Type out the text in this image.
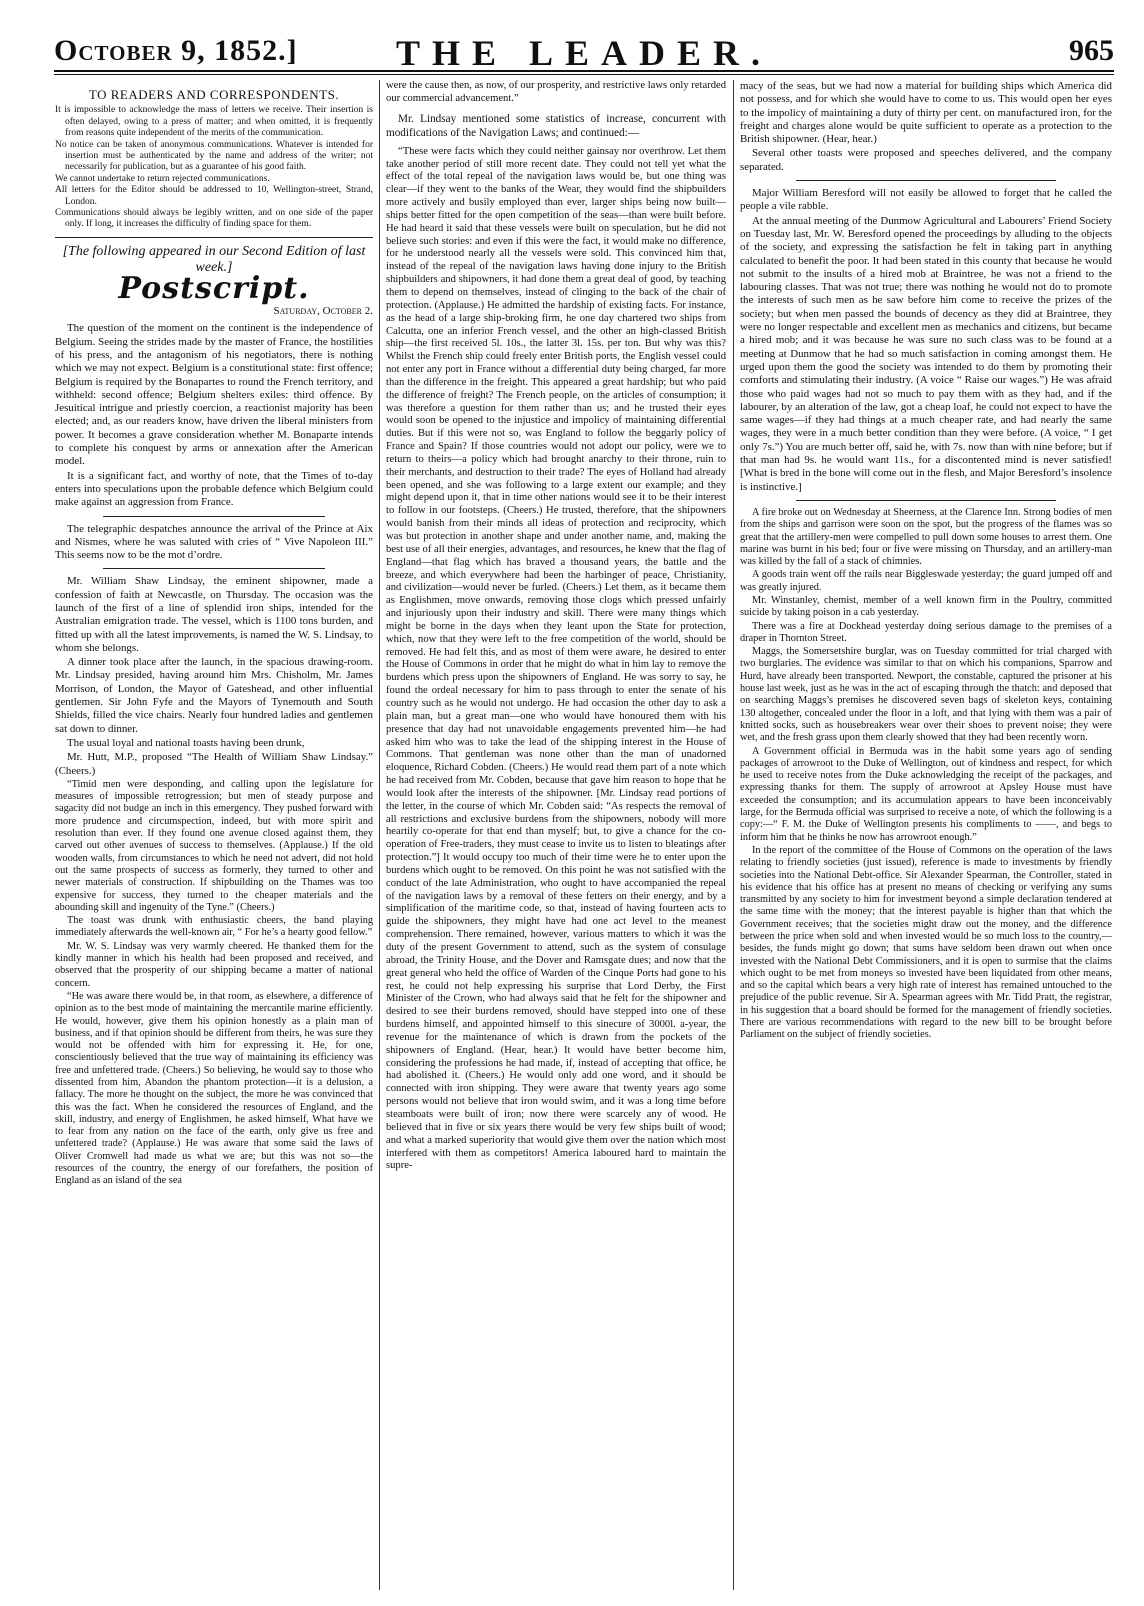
October 9, 1852.]	THE LEADER.	965
TO READERS AND CORRESPONDENTS.

It is impossible to acknowledge the mass of letters we receive. Their insertion is often delayed, owing to a press of matter; and when omitted, it is frequently from reasons quite independent of the merits of the communication.

No notice can be taken of anonymous communications. Whatever is intended for insertion must be authenticated by the name and address of the writer; not necessarily for publication, but as a guarantee of his good faith.

We cannot undertake to return rejected communications.

All letters for the Editor should be addressed to 10, Wellington-street, Strand, London.

Communications should always be legibly written, and on one side of the paper only. If long, it increases the difficulty of finding space for them.

[The following appeared in our Second Edition of last week.]

Postscript.

Saturday, October 2.

The question of the moment on the continent is the independence of Belgium. Seeing the strides made by the master of France, the hostilities of his press, and the antagonism of his negotiators, there is nothing which we may not expect. Belgium is a constitutional state: first offence; Belgium is required by the Bonapartes to round the French territory, and withheld: second offence; Belgium shelters exiles: third offence. By Jesuitical intrigue and priestly coercion, a reactionist majority has been elected; and, as our readers know, have driven the liberal ministers from power. It becomes a grave consideration whether M. Bonaparte intends to complete his conquest by arms or annexation after the American model.

It is a significant fact, and worthy of note, that the Times of to-day enters into speculations upon the probable defence which Belgium could make against an aggression from France.

The telegraphic despatches announce the arrival of the Prince at Aix and Nismes, where he was saluted with cries of “ Vive Napoleon III.” This seems now to be the mot d’ordre.

Mr. William Shaw Lindsay, the eminent shipowner, made a confession of faith at Newcastle, on Thursday. The occasion was the launch of the first of a line of splendid iron ships, intended for the Australian emigration trade. The vessel, which is 1100 tons burden, and fitted up with all the latest improvements, is named the W. S. Lindsay, to whom she belongs.

A dinner took place after the launch, in the spacious drawing-room. Mr. Lindsay presided, having around him Mrs. Chisholm, Mr. James Morrison, of London, the Mayor of Gateshead, and other influential gentlemen. Sir John Fyfe and the Mayors of Tynemouth and South Shields, filled the vice chairs. Nearly four hundred ladies and gentlemen sat down to dinner.

The usual loyal and national toasts having been drunk,

Mr. Hutt, M.P., proposed “The Health of William Shaw Lindsay.” (Cheers.)

“Timid men were desponding, and calling upon the legislature for measures of impossible retrogression; but men of steady purpose and sagacity did not budge an inch in this emergency. They pushed forward with more prudence and circumspection, indeed, but with more spirit and resolution than ever. If they found one avenue closed against them, they carved out other avenues of success to themselves. (Applause.) If the old wooden walls, from circumstances to which he need not advert, did not hold out the same prospects of success as formerly, they turned to other and newer materials of construction. If shipbuilding on the Thames was too expensive for success, they turned to the cheaper materials and the abounding skill and ingenuity of the Tyne.” (Cheers.)

The toast was drunk with enthusiastic cheers, the band playing immediately afterwards the well-known air, “ For he’s a hearty good fellow.”

Mr. W. S. Lindsay was very warmly cheered. He thanked them for the kindly manner in which his health had been proposed and received, and observed that the prosperity of our shipping became a matter of national concern.

“He was aware there would be, in that room, as elsewhere, a difference of opinion as to the best mode of maintaining the mercantile marine efficiently. He would, however, give them his opinion honestly as a plain man of business, and if that opinion should be different from theirs, he was sure they would not be offended with him for expressing it. He, for one, conscientiously believed that the true way of maintaining its efficiency was free and unfettered trade. (Cheers.) So believing, he would say to those who dissented from him, Abandon the phantom protection—it is a delusion, a fallacy. The more he thought on the subject, the more he was convinced that this was the fact. When he considered the resources of England, and the skill, industry, and energy of Englishmen, he asked himself, What have we to fear from any nation on the face of the earth, only give us free and unfettered trade? (Applause.) He was aware that some said the laws of Oliver Cromwell had made us what we are; but this was not so—the resources of the country, the energy of our forefathers, the position of England as an island of the sea

were the cause then, as now, of our prosperity, and restrictive laws only retarded our commercial advancement.”

Mr. Lindsay mentioned some statistics of increase, concurrent with modifications of the Navigation Laws; and continued:—

“These were facts which they could neither gainsay nor overthrow. Let them take another period of still more recent date. They could not tell yet what the effect of the total repeal of the navigation laws would be, but one thing was clear—if they went to the banks of the Wear, they would find the shipbuilders more actively and busily employed than ever, larger ships being now built—ships better fitted for the open competition of the seas—than were built before. He had heard it said that these vessels were built on speculation, but he did not believe such stories: and even if this were the fact, it would make no difference, for he understood nearly all the vessels were sold. This convinced him that, instead of the repeal of the navigation laws having done injury to the British shipbuilders and shipowners, it had done them a great deal of good, by teaching them to depend on themselves, instead of clinging to the back of the chair of protection. (Applause.) He admitted the hardship of existing facts. For instance, as the head of a large ship-broking firm, he one day chartered two ships from Calcutta, one an inferior French vessel, and the other an high-classed British ship—the first received 5l. 10s., the latter 3l. 15s. per ton. But why was this? Whilst the French ship could freely enter British ports, the English vessel could not enter any port in France without a differential duty being charged, far more than the difference in the freight. This appeared a great hardship; but who paid the difference of freight? The French people, on the articles of consumption; it was therefore a question for them rather than us; and he trusted their eyes would soon be opened to the injustice and impolicy of maintaining differential duties. But if this were not so, was England to follow the beggarly policy of France and Spain? If those countries would not adopt our policy, were we to return to theirs—a policy which had brought anarchy to their throne, ruin to their merchants, and destruction to their trade? The eyes of Holland had already been opened, and she was following to a large extent our example; and they might depend upon it, that in time other nations would see it to be their interest to follow in our footsteps. (Cheers.) He trusted, therefore, that the shipowners would banish from their minds all ideas of protection and reciprocity, which was but protection in another shape and under another name, and, making the best use of all their energies, advantages, and resources, he knew that the flag of England—that flag which has braved a thousand years, the battle and the breeze, and which everywhere had been the harbinger of peace, Christianity, and civilization—would never be furled. (Cheers.) Let them, as it became them as Englishmen, move onwards, removing those clogs which pressed unfairly and injuriously upon their industry and skill. There were many things which might be borne in the days when they leant upon the State for protection, which, now that they were left to the free competition of the world, should be removed. He had felt this, and as most of them were aware, he desired to enter the House of Commons in order that he might do what in him lay to remove the burdens which press upon the shipowners of England. He was sorry to say, he found the ordeal necessary for him to pass through to enter the senate of his country such as he would not undergo. He had occasion the other day to ask a plain man, but a great man—one who would have honoured them with his presence that day had not unavoidable engagements prevented him—he had asked him who was to take the lead of the shipping interest in the House of Commons. That gentleman was none other than the man of unadorned eloquence, Richard Cobden. (Cheers.) He would read them part of a note which he had received from Mr. Cobden, because that gave him reason to hope that he would look after the interests of the shipowner. [Mr. Lindsay read portions of the letter, in the course of which Mr. Cobden said: “As respects the removal of all restrictions and exclusive burdens from the shipowners, nobody will more heartily co-operate for that end than myself; but, to give a chance for the co-operation of Free-traders, they must cease to invite us to listen to bleatings after protection.”] It would occupy too much of their time were he to enter upon the burdens which ought to be removed. On this point he was not satisfied with the conduct of the late Administration, who ought to have accompanied the repeal of the navigation laws by a removal of these fetters on their energy, and by a simplification of the maritime code, so that, instead of having fourteen acts to guide the shipowners, they might have had one act level to the meanest comprehension. There remained, however, various matters to which it was the duty of the present Government to attend, such as the system of consulage abroad, the Trinity House, and the Dover and Ramsgate dues; and now that the great general who held the office of Warden of the Cinque Ports had gone to his rest, he could not help expressing his surprise that Lord Derby, the First Minister of the Crown, who had always said that he felt for the shipowner and desired to see their burdens removed, should have stepped into one of these burdens himself, and appointed himself to this sinecure of 3000l. a-year, the revenue for the maintenance of which is drawn from the pockets of the shipowners of England. (Hear, hear.) It would have better become him, considering the professions he had made, if, instead of accepting that office, he had abolished it. (Cheers.) He would only add one word, and it should be connected with iron shipping. They were aware that twenty years ago some persons would not believe that iron would swim, and it was a long time before steamboats were built of iron; now there were scarcely any of wood. He believed that in five or six years there would be very few ships built of wood; and what a marked superiority that would give them over the nation which most interfered with them as competitors! America laboured hard to maintain the supre-

macy of the seas, but we had now a material for building ships which America did not possess, and for which she would have to come to us. This would open her eyes to the impolicy of maintaining a duty of thirty per cent. on manufactured iron, for the freight and charges alone would be quite sufficient to operate as a protection to the British shipowner. (Hear, hear.)

Several other toasts were proposed and speeches delivered, and the company separated.

Major William Beresford will not easily be allowed to forget that he called the people a vile rabble.

At the annual meeting of the Dunmow Agricultural and Labourers’ Friend Society on Tuesday last, Mr. W. Beresford opened the proceedings by alluding to the objects of the society, and expressing the satisfaction he felt in taking part in anything calculated to benefit the poor. It had been stated in this county that because he would not submit to the insults of a hired mob at Braintree, he was not a friend to the labouring classes. That was not true; there was nothing he would not do to promote the interests of such men as he saw before him come to receive the prizes of the society; but when men passed the bounds of decency as they did at Braintree, they were no longer respectable and excellent men as mechanics and citizens, but became a hired mob; and it was because he was sure no such class was to be found at a meeting at Dunmow that he had so much satisfaction in coming amongst them. He urged upon them the good the society was intended to do them by promoting their comforts and stimulating their industry. (A voice “ Raise our wages.”) He was afraid those who paid wages had not so much to pay them with as they had, and if the labourer, by an alteration of the law, got a cheap loaf, he could not expect to have the same wages—if they had things at a much cheaper rate, and had nearly the same wages, they were in a much better condition than they were before. (A voice, “ I get only 7s.”) You are much better off, said he, with 7s. now than with nine before; but if that man had 9s. he would want 11s., for a discontented mind is never satisfied! [What is bred in the bone will come out in the flesh, and Major Beresford’s insolence is instinctive.]

A fire broke out on Wednesday at Sheerness, at the Clarence Inn. Strong bodies of men from the ships and garrison were soon on the spot, but the progress of the flames was so great that the artillery-men were compelled to pull down some houses to arrest them. One marine was burnt in his bed; four or five were missing on Thursday, and an artillery-man was killed by the fall of a stack of chimnies.

A goods train went off the rails near Biggleswade yesterday; the guard jumped off and was greatly injured.

Mr. Winstanley, chemist, member of a well known firm in the Poultry, committed suicide by taking poison in a cab yesterday.

There was a fire at Dockhead yesterday doing serious damage to the premises of a draper in Thornton Street.

Maggs, the Somersetshire burglar, was on Tuesday committed for trial charged with two burglaries. The evidence was similar to that on which his companions, Sparrow and Hurd, have already been transported. Newport, the constable, captured the prisoner at his house last week, just as he was in the act of escaping through the thatch: and deposed that on searching Maggs’s premises he discovered seven bags of skeleton keys, containing 130 altogether, concealed under the floor in a loft, and that lying with them was a pair of knitted socks, such as housebreakers wear over their shoes to prevent noise; they were wet, and the fresh grass upon them clearly showed that they had been recently worn.

A Government official in Bermuda was in the habit some years ago of sending packages of arrowroot to the Duke of Wellington, out of kindness and respect, for which he used to receive notes from the Duke acknowledging the receipt of the packages, and expressing thanks for them. The supply of arrowroot at Apsley House must have exceeded the consumption; and its accumulation appears to have been inconceivably large, for the Bermuda official was surprised to receive a note, of which the following is a copy:—“ F. M. the Duke of Wellington presents his compliments to ——, and begs to inform him that he thinks he now has arrowroot enough.”

In the report of the committee of the House of Commons on the operation of the laws relating to friendly societies (just issued), reference is made to investments by friendly societies into the National Debt-office. Sir Alexander Spearman, the Controller, stated in his evidence that his office has at present no means of checking or verifying any sums transmitted by any society to him for investment beyond a simple declaration tendered at the same time with the money; that the interest payable is higher than that which the Government receives; that the societies might draw out the money, and the difference between the price when sold and when invested would be so much loss to the country,—besides, the funds might go down; that sums have seldom been drawn out when once invested with the National Debt Commissioners, and it is open to surmise that the claims which ought to be met from moneys so invested have been liquidated from other means, and so the capital which bears a very high rate of interest has remained untouched to the prejudice of the public revenue. Sir A. Spearman agrees with Mr. Tidd Pratt, the registrar, in his suggestion that a board should be formed for the management of friendly societies. There are various recommendations with regard to the new bill to be brought before Parliament on the subject of friendly societies.
